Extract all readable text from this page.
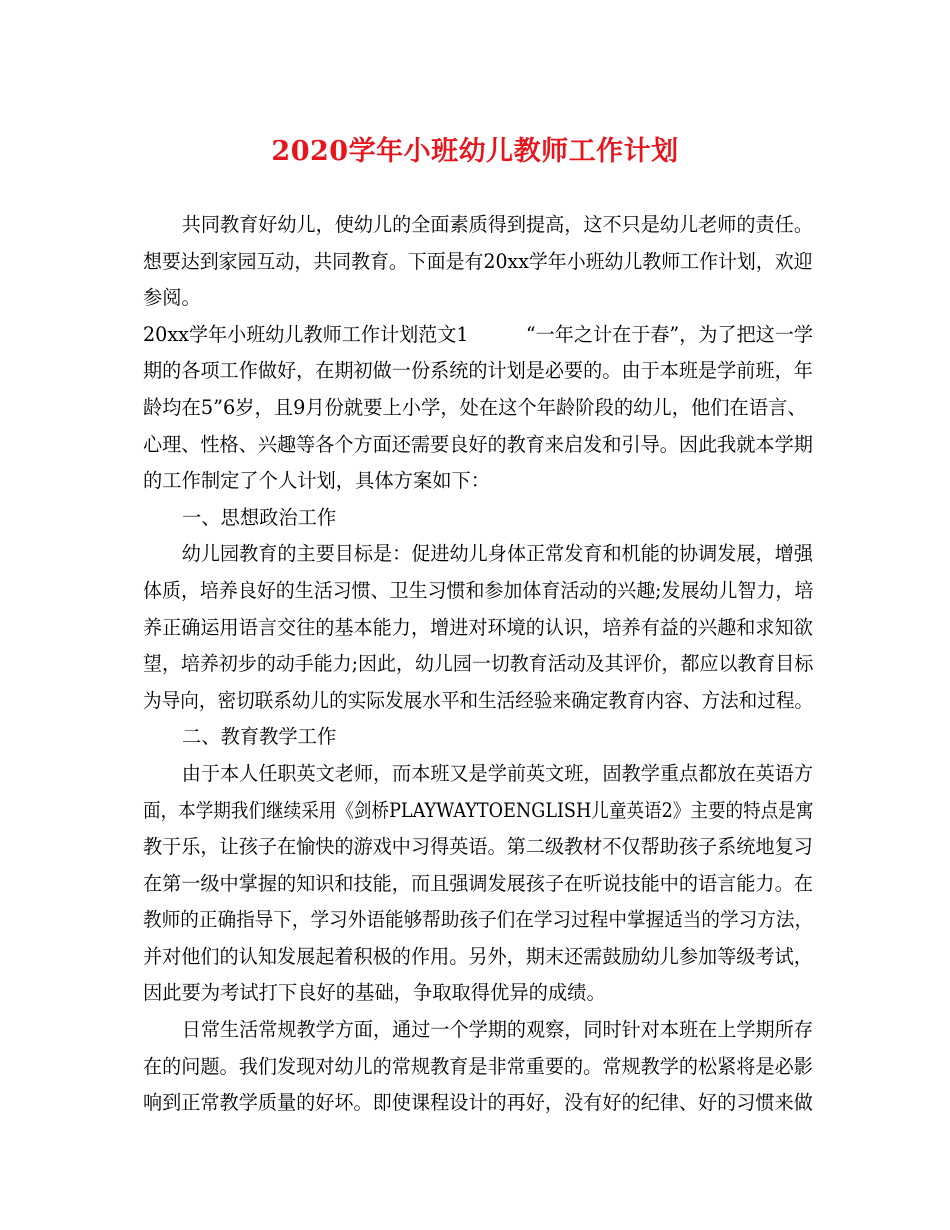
2020学年小班幼儿教师工作计划
共同教育好幼儿，使幼儿的全面素质得到提高，这不只是幼儿老师的责任。
想要达到家园互动，共同教育。下面是有20xx学年小班幼儿教师工作计划，欢迎
参阅。
20xx学年小班幼儿教师工作计划范文1　　　“一年之计在于春”，为了把这一学
期的各项工作做好，在期初做一份系统的计划是必要的。由于本班是学前班，年
龄均在5”6岁，且9月份就要上小学，处在这个年龄阶段的幼儿，他们在语言、
心理、性格、兴趣等各个方面还需要良好的教育来启发和引导。因此我就本学期
的工作制定了个人计划，具体方案如下：
一、思想政治工作
幼儿园教育的主要目标是：促进幼儿身体正常发育和机能的协调发展，增强
体质，培养良好的生活习惯、卫生习惯和参加体育活动的兴趣;发展幼儿智力，培
养正确运用语言交往的基本能力，增进对环境的认识，培养有益的兴趣和求知欲
望，培养初步的动手能力;因此，幼儿园一切教育活动及其评价，都应以教育目标
为导向，密切联系幼儿的实际发展水平和生活经验来确定教育内容、方法和过程。
二、教育教学工作
由于本人任职英文老师，而本班又是学前英文班，固教学重点都放在英语方
面，本学期我们继续采用《剑桥PLAYWAYTOENGLISH儿童英语2》主要的特点是寓
教于乐，让孩子在愉快的游戏中习得英语。第二级教材不仅帮助孩子系统地复习
在第一级中掌握的知识和技能，而且强调发展孩子在听说技能中的语言能力。在
教师的正确指导下，学习外语能够帮助孩子们在学习过程中掌握适当的学习方法，
并对他们的认知发展起着积极的作用。另外，期末还需鼓励幼儿参加等级考试，
因此要为考试打下良好的基础，争取取得优异的成绩。
日常生活常规教学方面，通过一个学期的观察，同时针对本班在上学期所存
在的问题。我们发现对幼儿的常规教育是非常重要的。常规教学的松紧将是必影
响到正常教学质量的好坏。即使课程设计的再好，没有好的纪律、好的习惯来做
